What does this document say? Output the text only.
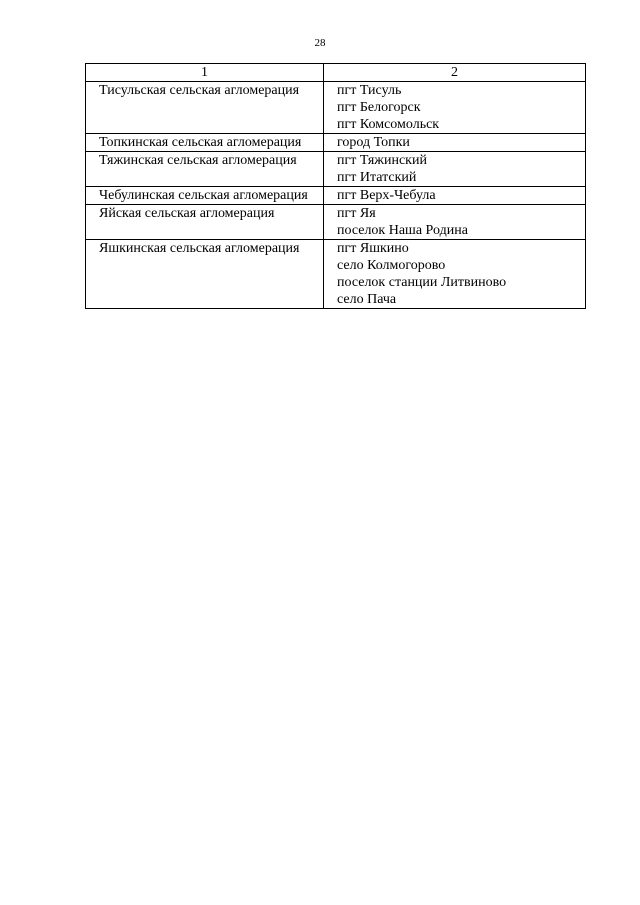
28
1	2
Тисульская сельская агломерация	пгт Тисуль
пгт Белогорск
пгт Комсомольск

Топкинская сельская агломерация	город Топки

Тяжинская сельская агломерация	пгт Тяжинский
пгт Итатский

Чебулинская сельская агломерация	пгт Верх-Чебула

Яйская сельская агломерация	пгт Яя
поселок Наша Родина

Яшкинская сельская агломерация	пгт Яшкино
село Колмогорово
поселок станции Литвиново
село Пача
